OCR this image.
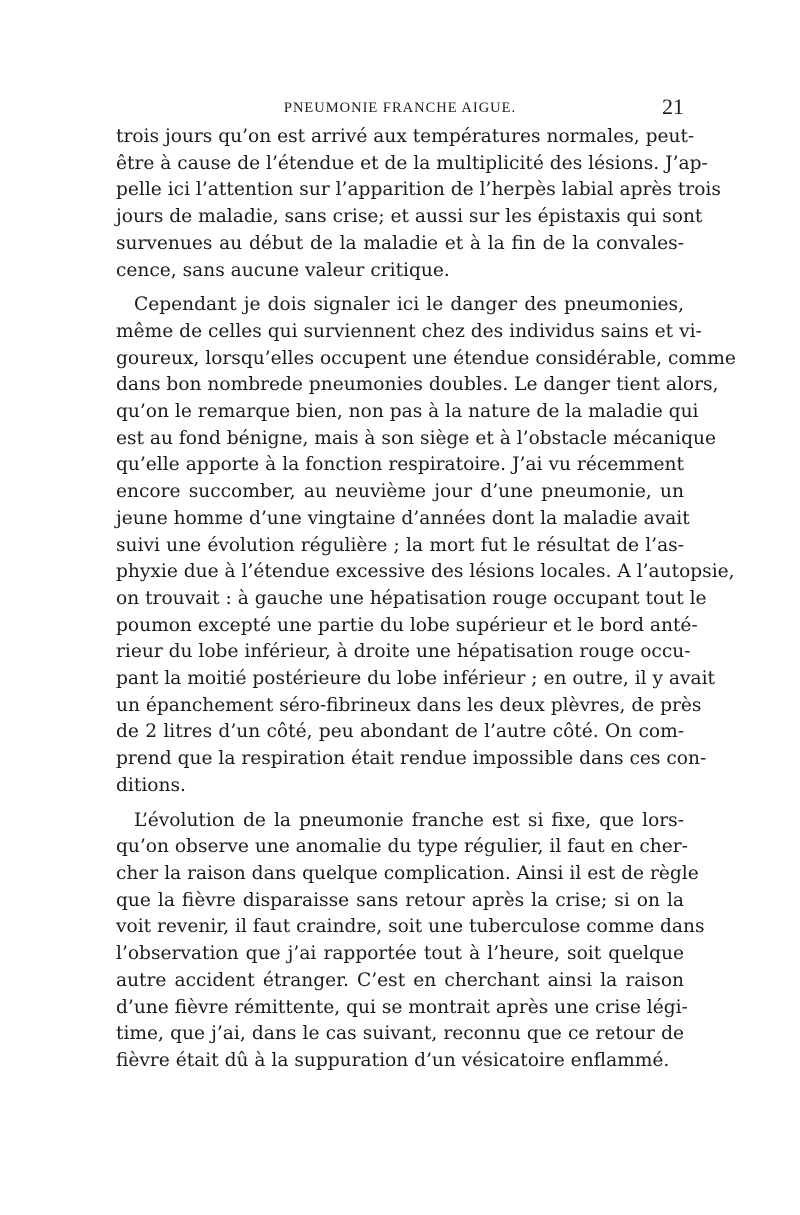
PNEUMONIE FRANCHE AIGUE.	21

trois jours qu’on est arrivé aux températures normales, peut-
être à cause de l’étendue et de la multiplicité des lésions. J’ap-
pelle ici l’attention sur l’apparition de l’herpès labial après trois
jours de maladie, sans crise; et aussi sur les épistaxis qui sont
survenues au début de la maladie et à la fin de la convales-
cence, sans aucune valeur critique.

Cependant je dois signaler ici le danger des pneumonies,
même de celles qui surviennent chez des individus sains et vi-
goureux, lorsqu’elles occupent une étendue considérable, comme
dans bon nombrede pneumonies doubles. Le danger tient alors,
qu’on le remarque bien, non pas à la nature de la maladie qui
est au fond bénigne, mais à son siège et à l’obstacle mécanique
qu’elle apporte à la fonction respiratoire. J’ai vu récemment
encore succomber, au neuvième jour d’une pneumonie, un
jeune homme d’une vingtaine d’années dont la maladie avait
suivi une évolution régulière ; la mort fut le résultat de l’as-
phyxie due à l’étendue excessive des lésions locales. A l’autopsie,
on trouvait : à gauche une hépatisation rouge occupant tout le
poumon excepté une partie du lobe supérieur et le bord anté-
rieur du lobe inférieur, à droite une hépatisation rouge occu-
pant la moitié postérieure du lobe inférieur ; en outre, il y avait
un épanchement séro-fibrineux dans les deux plèvres, de près
de 2 litres d’un côté, peu abondant de l’autre côté. On com-
prend que la respiration était rendue impossible dans ces con-
ditions.

L’évolution de la pneumonie franche est si fixe, que lors-
qu’on observe une anomalie du type régulier, il faut en cher-
cher la raison dans quelque complication. Ainsi il est de règle
que la fièvre disparaisse sans retour après la crise; si on la
voit revenir, il faut craindre, soit une tuberculose comme dans
l’observation que j’ai rapportée tout à l’heure, soit quelque
autre accident étranger. C’est en cherchant ainsi la raison
d’une fièvre rémittente, qui se montrait après une crise légi-
time, que j’ai, dans le cas suivant, reconnu que ce retour de
fièvre était dû à la suppuration d’un vésicatoire enflammé.
